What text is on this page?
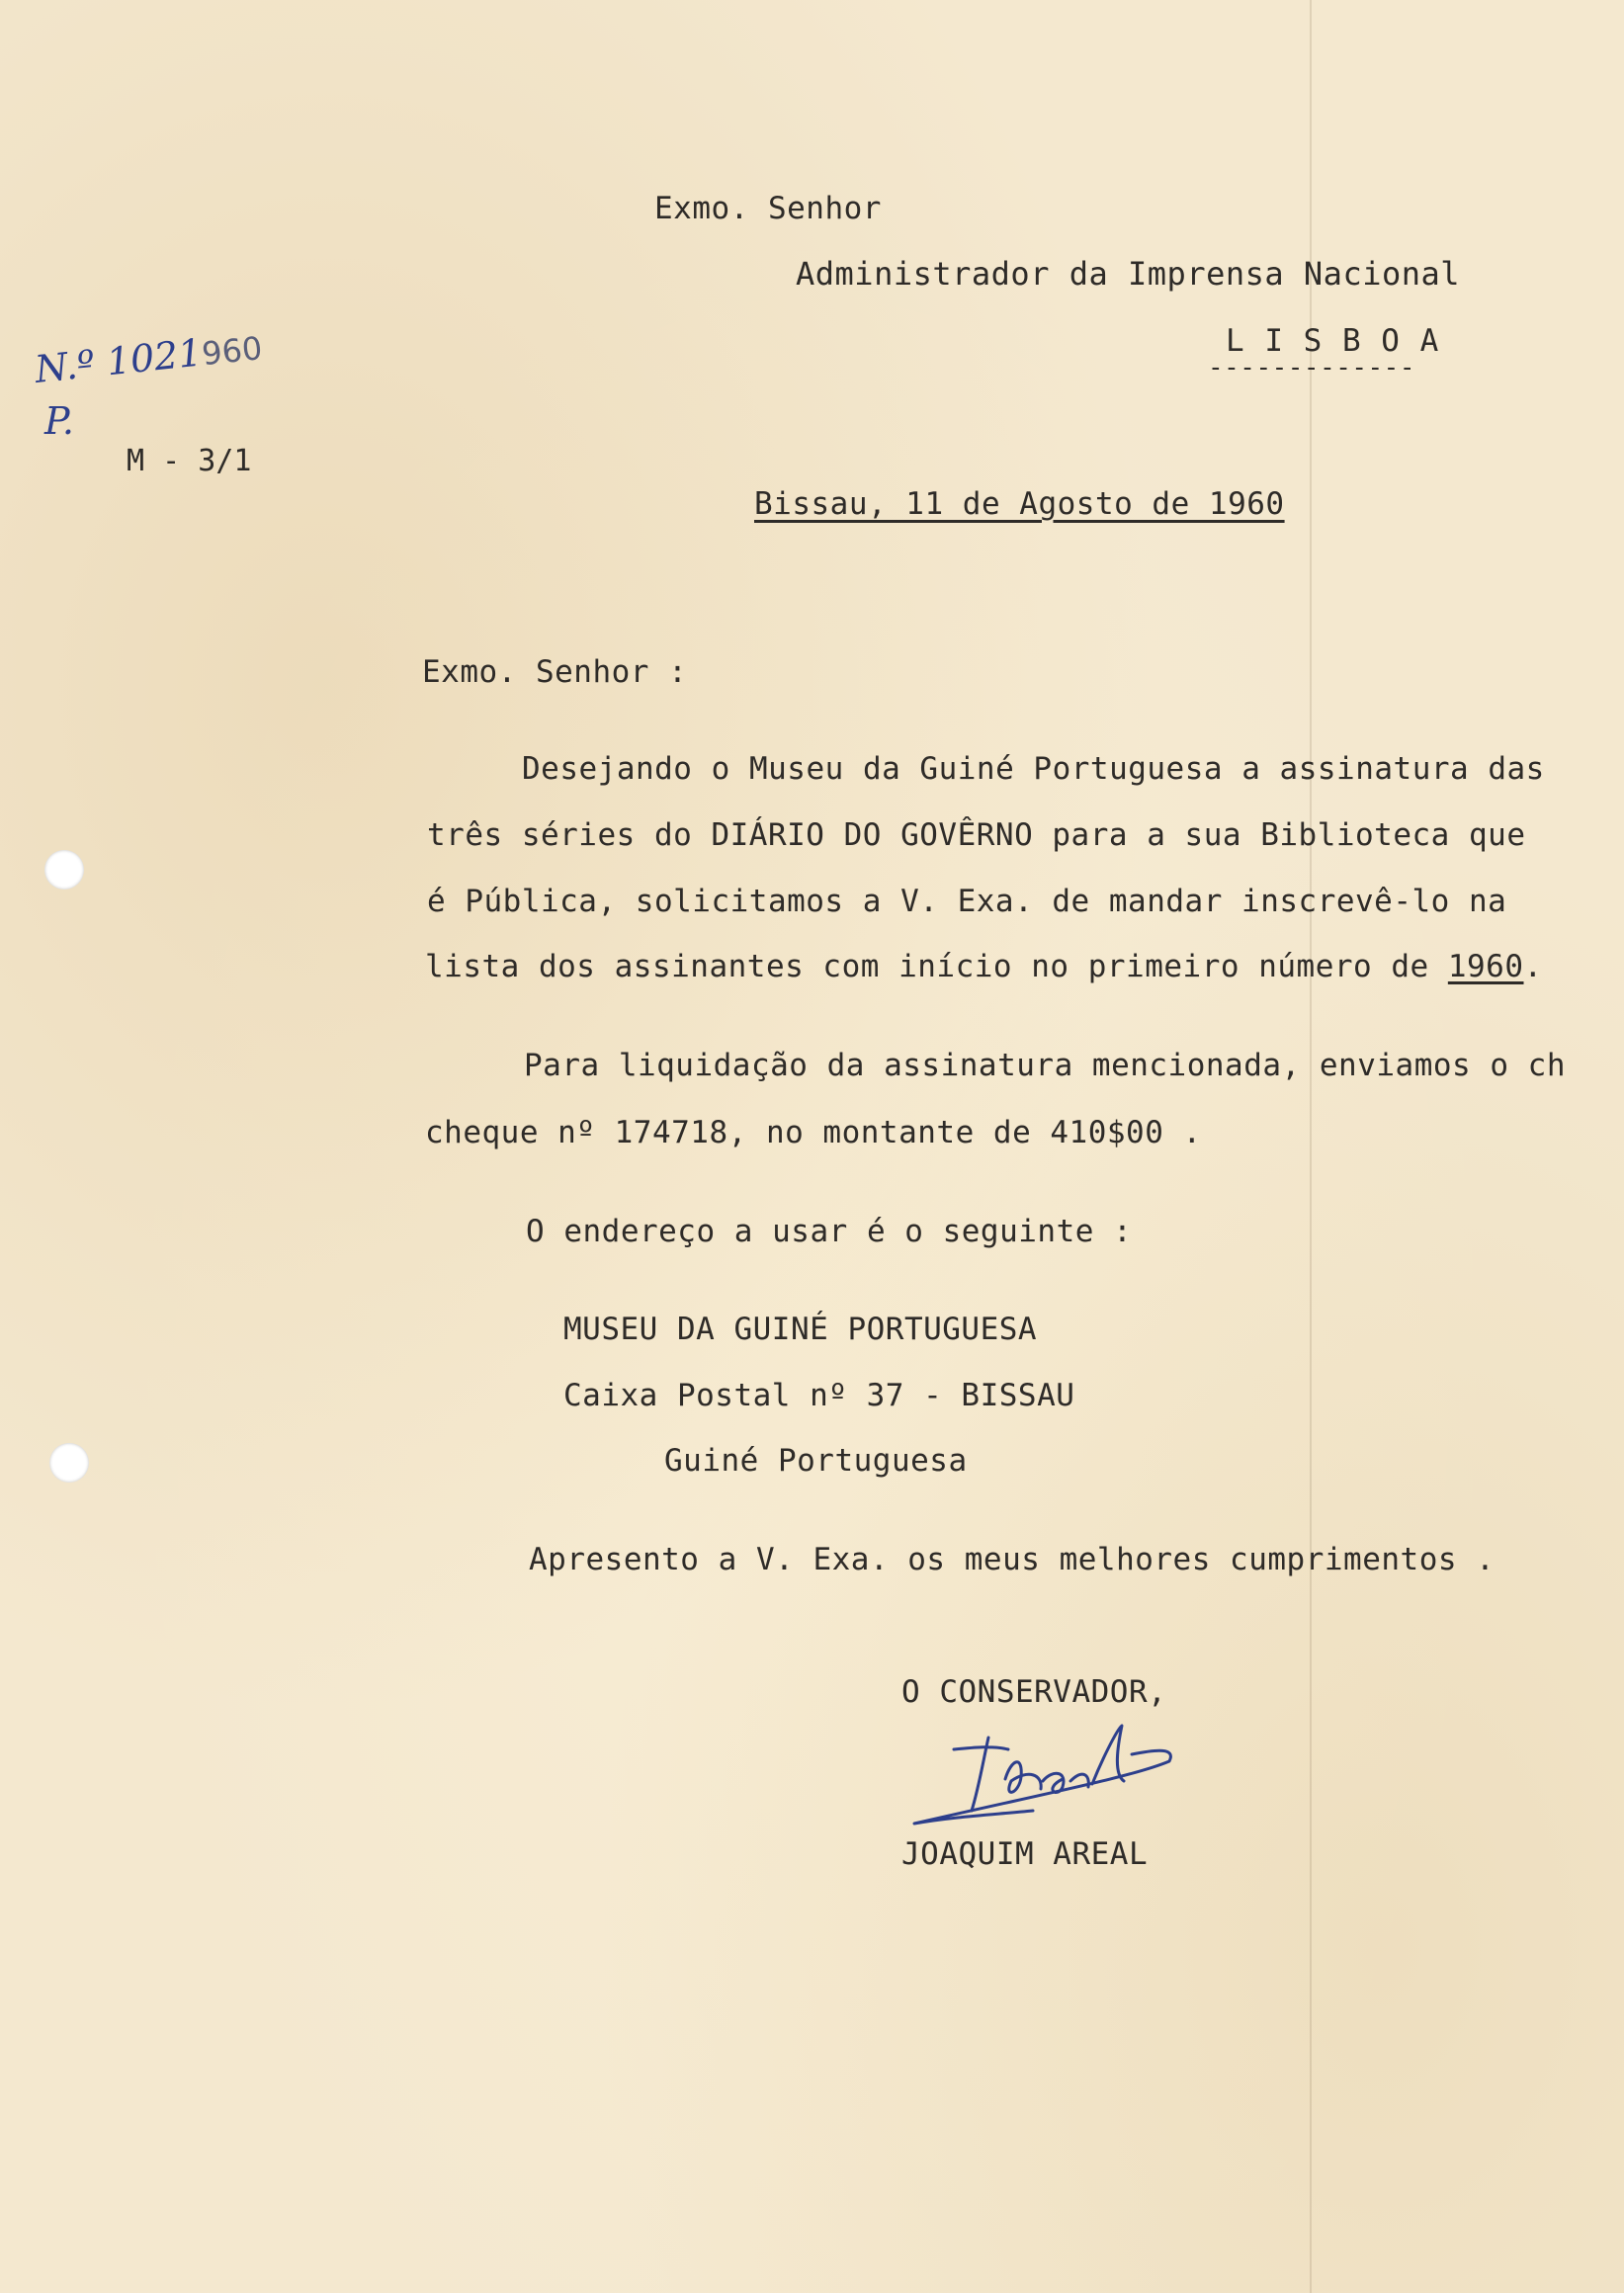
Exmo. Senhor

Administrador da Imprensa Nacional

L I S B O A

-------------

N.º 1021960

P.

M - 3/1

Bissau, 11 de Agosto de 1960

Exmo. Senhor :

Desejando o Museu da Guiné Portuguesa a assinatura das

três séries do DIÁRIO DO GOVÊRNO para a sua Biblioteca que

é Pública, solicitamos a V. Exa. de mandar inscrevê-lo na

lista dos assinantes com início no primeiro número de 1960.

Para liquidação da assinatura mencionada, enviamos o ch

cheque nº 174718, no montante de 410$00 .

O endereço a usar é o seguinte :

MUSEU DA GUINÉ PORTUGUESA

Caixa Postal nº 37 - BISSAU

Guiné Portuguesa

Apresento a V. Exa. os meus melhores cumprimentos .

O CONSERVADOR,

JAreal JOAQUIM AREAL
